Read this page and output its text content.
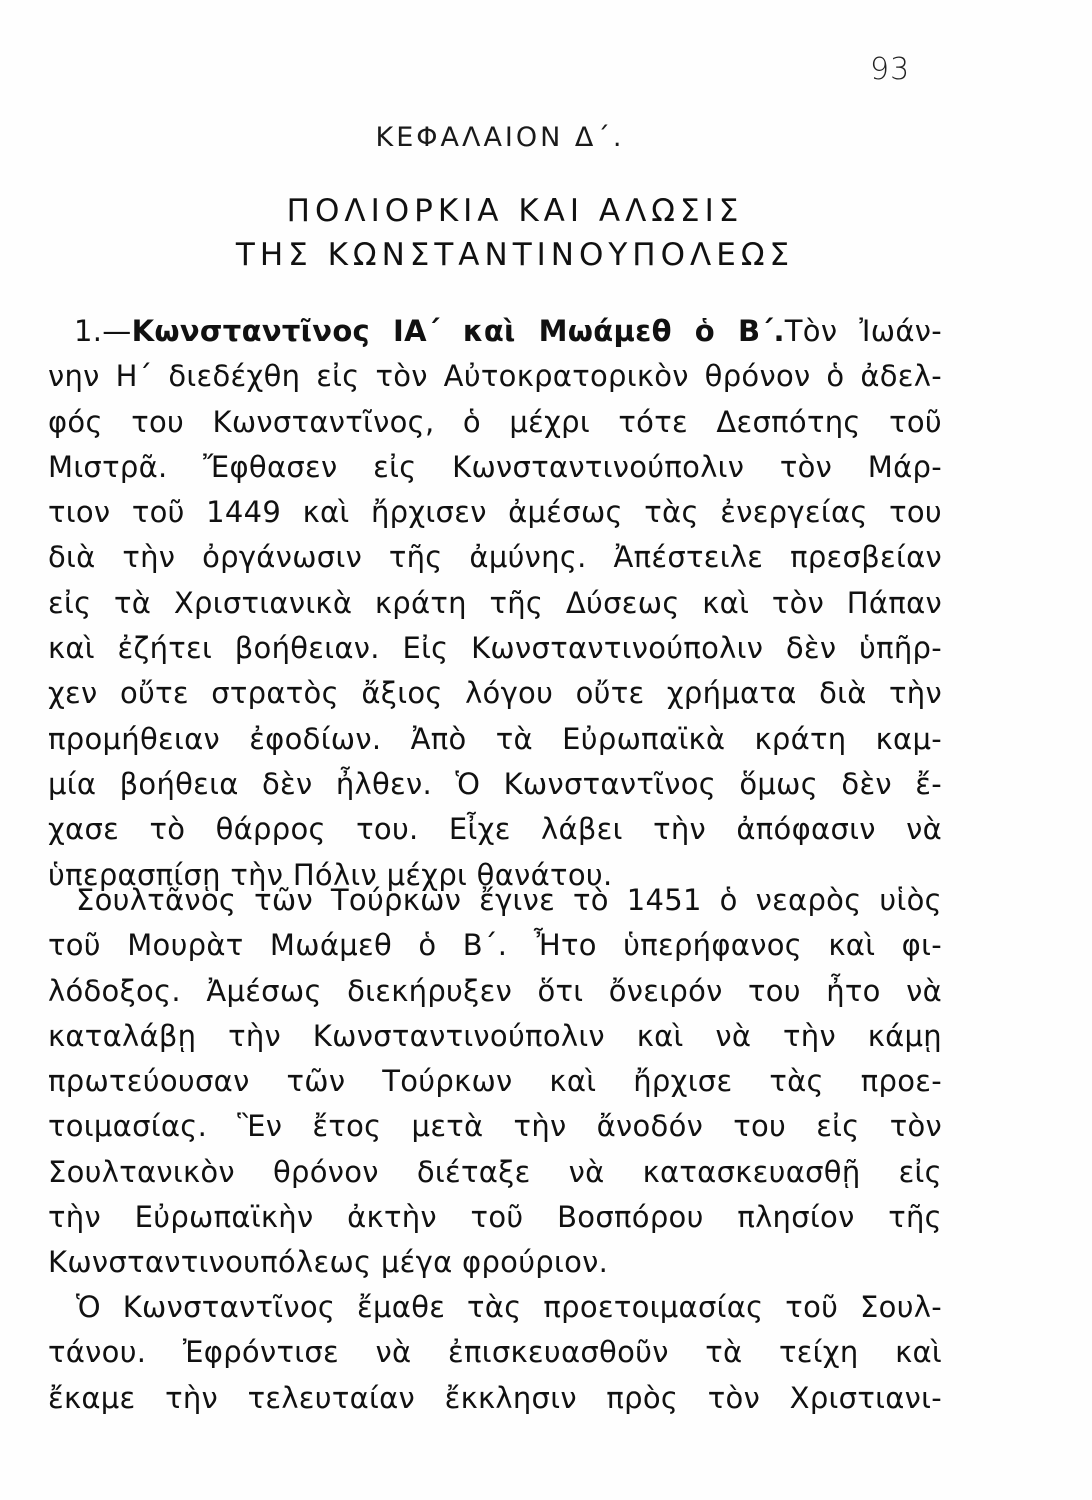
93
ΚΕΦΑΛΑΙΟΝ Δ΄.
ΠΟΛΙΟΡΚΙΑ ΚΑΙ ΑΛΩΣΙΣ
ΤΗΣ ΚΩΝΣΤΑΝΤΙΝΟΥΠΟΛΕΩΣ
1.—Κωνσταντῖνος ΙΑ΄ καὶ Μωάμεθ ὁ Β΄.Τὸν Ἰωάν-
νην Η΄ διεδέχθη εἰς τὸν Αὐτοκρατορικὸν θρόνον ὁ ἀδελ-
φός του Κωνσταντῖνος, ὁ μέχρι τότε Δεσπότης τοῦ
Μιστρᾶ. Ἔφθασεν εἰς Κωνσταντινούπολιν τὸν Μάρ-
τιον τοῦ 1449 καὶ ἤρχισεν ἀμέσως τὰς ἐνεργείας του
διὰ τὴν ὀργάνωσιν τῆς ἀμύνης. Ἀπέστειλε πρεσβείαν
εἰς τὰ Χριστιανικὰ κράτη τῆς Δύσεως καὶ τὸν Πάπαν
καὶ ἐζήτει βοήθειαν. Εἰς Κωνσταντινούπολιν δὲν ὑπῆρ-
χεν οὔτε στρατὸς ἄξιος λόγου οὔτε χρήματα διὰ τὴν
προμήθειαν ἐφοδίων. Ἀπὸ τὰ Εὐρωπαϊκὰ κράτη καμ-
μία βοήθεια δὲν ἦλθεν. Ὁ Κωνσταντῖνος ὅμως δὲν ἔ-
χασε τὸ θάρρος του. Εἶχε λάβει τὴν ἀπόφασιν νὰ
ὑπερασπίσῃ τὴν Πόλιν μέχρι θανάτου.
Σουλτᾶνος τῶν Τούρκων ἔγινε τὸ 1451 ὁ νεαρὸς υἱὸς
τοῦ Μουρὰτ Μωάμεθ ὁ Β΄. Ἦτο ὑπερήφανος καὶ φι-
λόδοξος. Ἀμέσως διεκήρυξεν ὅτι ὄνειρόν του ἦτο νὰ
καταλάβῃ τὴν Κωνσταντινούπολιν καὶ νὰ τὴν κάμῃ
πρωτεύουσαν τῶν Τούρκων καὶ ἤρχισε τὰς προε-
τοιμασίας. Ἓν ἔτος μετὰ τὴν ἄνοδόν του εἰς τὸν
Σουλτανικὸν θρόνον διέταξε νὰ κατασκευασθῇ εἰς
τὴν Εὐρωπαϊκὴν ἀκτὴν τοῦ Βοσπόρου πλησίον τῆς
Κωνσταντινουπόλεως μέγα φρούριον.
Ὁ Κωνσταντῖνος ἔμαθε τὰς προετοιμασίας τοῦ Σουλ-
τάνου. Ἐφρόντισε νὰ ἐπισκευασθοῦν τὰ τείχη καὶ
ἔκαμε τὴν τελευταίαν ἔκκλησιν πρὸς τὸν Χριστιανι-
